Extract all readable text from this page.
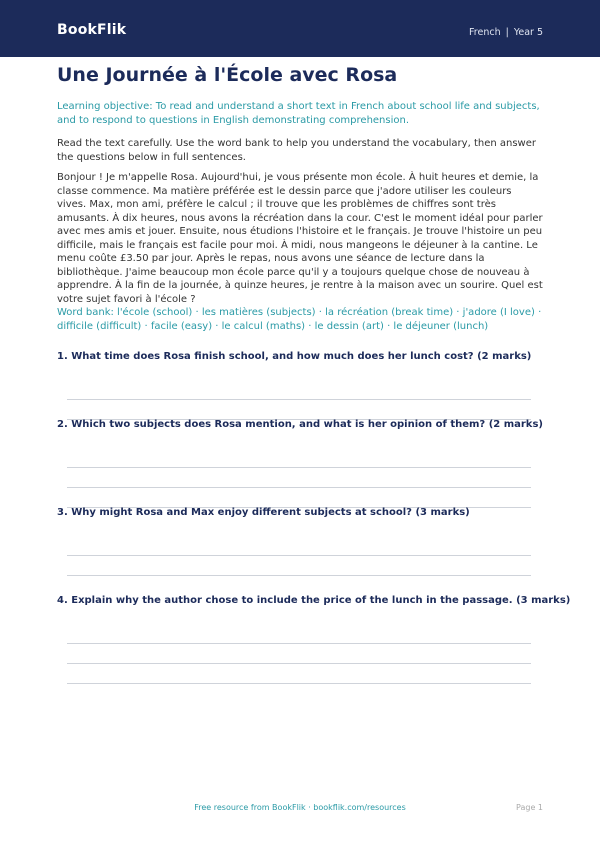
BookFlik	French | Year 5
Une Journée à l'École avec Rosa
Learning objective: To read and understand a short text in French about school life and subjects, and to respond to questions in English demonstrating comprehension.
Read the text carefully. Use the word bank to help you understand the vocabulary, then answer the questions below in full sentences.
Bonjour ! Je m'appelle Rosa. Aujourd'hui, je vous présente mon école. À huit heures et demie, la classe commence. Ma matière préférée est le dessin parce que j'adore utiliser les couleurs vives. Max, mon ami, préfère le calcul ; il trouve que les problèmes de chiffres sont très amusants. À dix heures, nous avons la récréation dans la cour. C'est le moment idéal pour parler avec mes amis et jouer. Ensuite, nous étudions l'histoire et le français. Je trouve l'histoire un peu difficile, mais le français est facile pour moi. À midi, nous mangeons le déjeuner à la cantine. Le menu coûte £3.50 par jour. Après le repas, nous avons une séance de lecture dans la bibliothèque. J'aime beaucoup mon école parce qu'il y a toujours quelque chose de nouveau à apprendre. À la fin de la journée, à quinze heures, je rentre à la maison avec un sourire. Quel est votre sujet favori à l'école ?
Word bank: l'école (school) · les matières (subjects) · la récréation (break time) · j'adore (I love) · difficile (difficult) · facile (easy) · le calcul (maths) · le dessin (art) · le déjeuner (lunch)
1. What time does Rosa finish school, and how much does her lunch cost? (2 marks)
2. Which two subjects does Rosa mention, and what is her opinion of them? (2 marks)
3. Why might Rosa and Max enjoy different subjects at school? (3 marks)
4. Explain why the author chose to include the price of the lunch in the passage. (3 marks)
Free resource from BookFlik · bookflik.com/resources	Page 1
